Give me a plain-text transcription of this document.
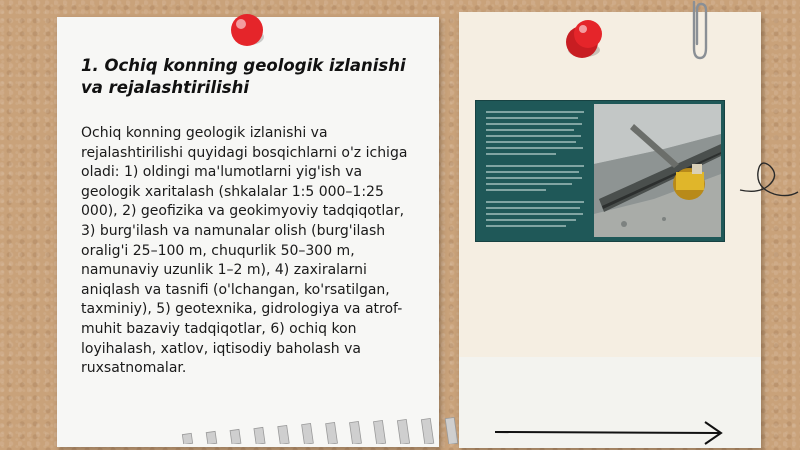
1. Ochiq konning geologik izlanishi va rejalashtirilishi

Ochiq konning geologik izlanishi va rejalashtirilishi quyidagi bosqichlarni o'z ichiga oladi: 1) oldingi ma'lumotlarni yig'ish va geologik xaritalash (shkalalar 1:5 000–1:25 000), 2) geofizika va geokimyoviy tadqiqotlar, 3) burg'ilash va namunalar olish (burg'ilash oralig'i 25–100 m, chuqurlik 50–300 m, namunaviy uzunlik 1–2 m), 4) zaxiralarni aniqlash va tasnifi (o'lchangan, ko'rsatilgan, taxminiy), 5) geotexnika, gidrologiya va atrof-muhit bazaviy tadqiqotlar, 6) ochiq kon loyihalash, xatlov, iqtisodiy baholash va ruxsatnomalar.
